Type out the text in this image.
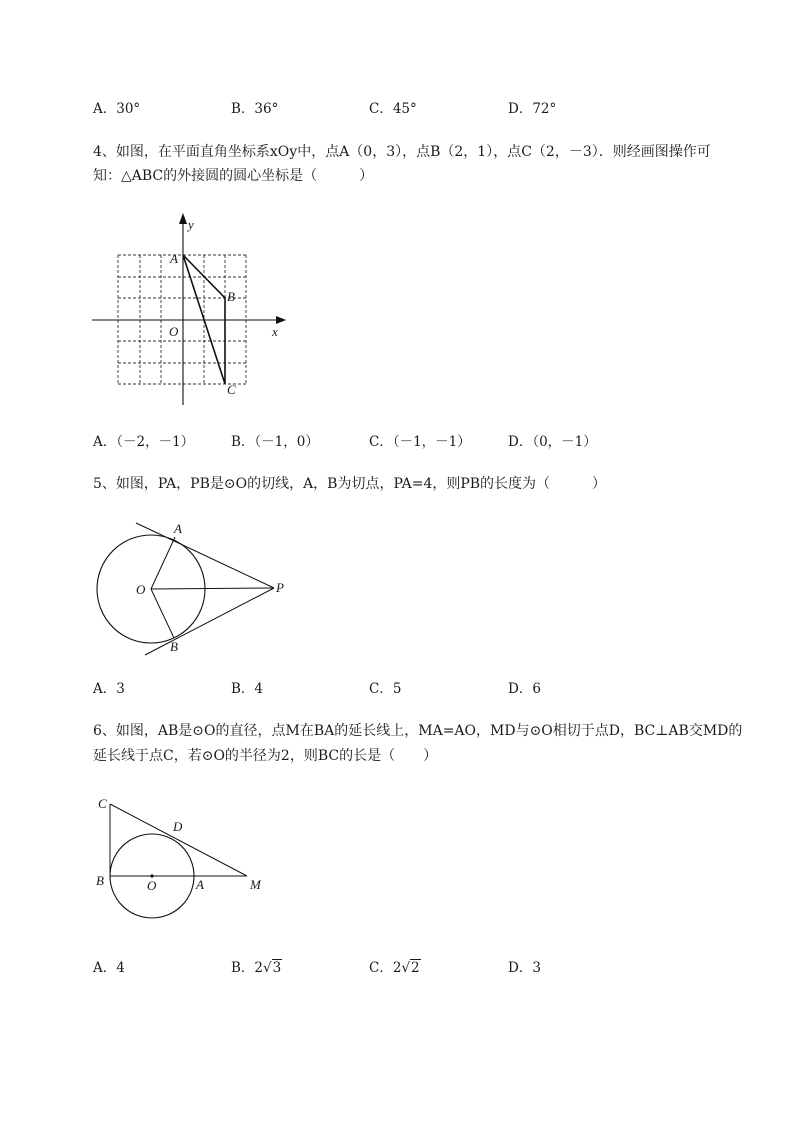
A．30°	B．36°	C．45°	D．72°
4、如图，在平面直角坐标系xOy中，点A（0，3），点B（2，1），点C（2，－3）．则经画图操作可
知：△ABC的外接圆的圆心坐标是（　　　）
y
x
A
B
C
O
A．（－2，－1）	B．（－1，0）	C．（－1，－1）	D．（0，－1）
5、如图，PA，PB是⊙O的切线，A，B为切点，PA=4，则PB的长度为（　　　）
A
B
O	P
A．3	B．4	C．5	D．6
6、如图，AB是⊙O的直径，点M在BA的延长线上，MA=AO，MD与⊙O相切于点D，BC⊥AB交MD的
延长线于点C，若⊙O的半径为2，则BC的长是（　　）
C
D
B	O	A	M
A．4	B．2√3	C．2√2	D．3
